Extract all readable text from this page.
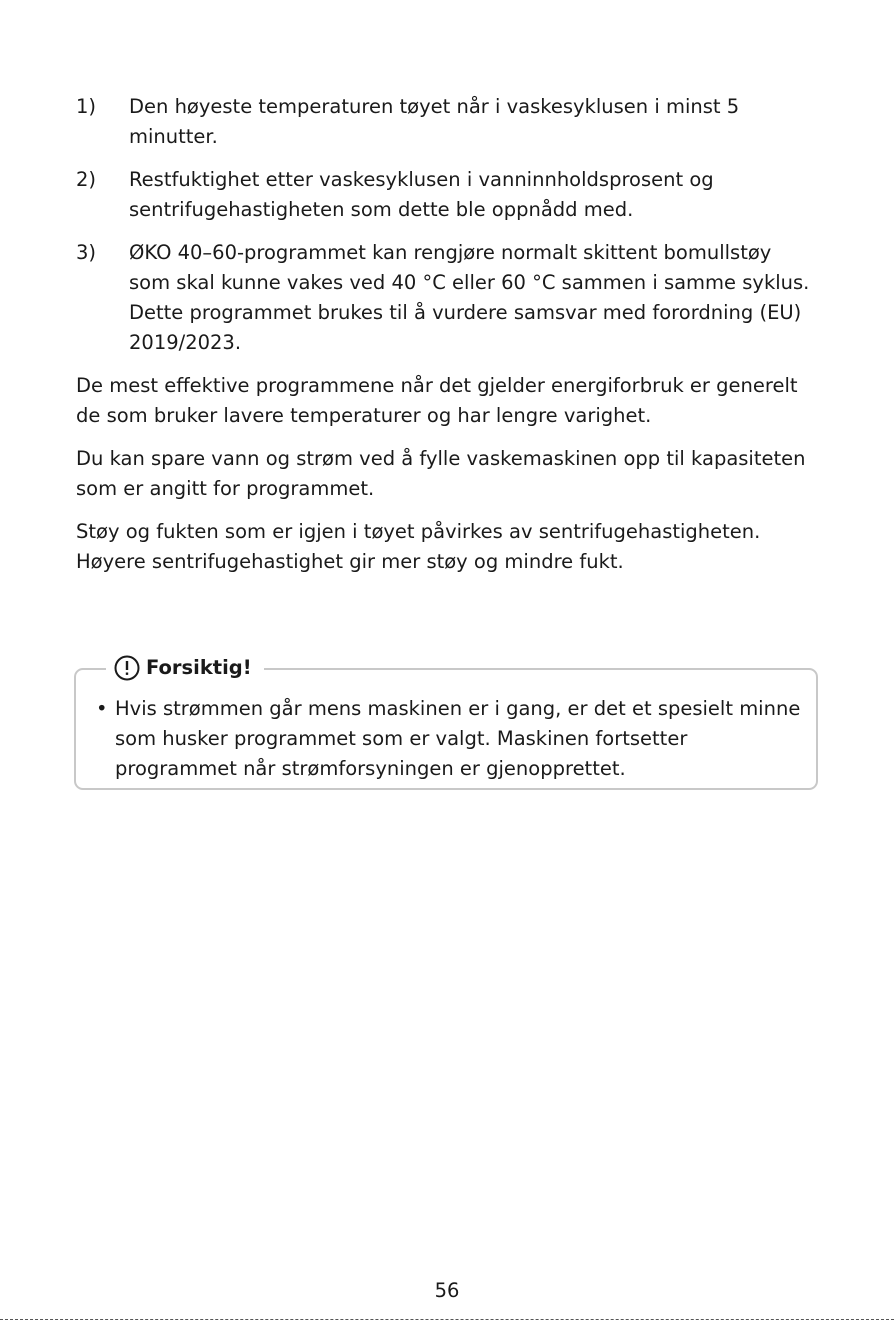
1)	Den høyeste temperaturen tøyet når i vaskesyklusen i minst 5 minutter.
2)	Restfuktighet etter vaskesyklusen i vanninnholdsprosent og sentrifugehastigheten som dette ble oppnådd med.
3)	ØKO 40–60-programmet kan rengjøre normalt skittent bomullstøy som skal kunne vakes ved 40 °C eller 60 °C sammen i samme syklus. Dette programmet brukes til å vurdere samsvar med forordning (EU) 2019/2023.

De mest effektive programmene når det gjelder energiforbruk er generelt de som bruker lavere temperaturer og har lengre varighet.

Du kan spare vann og strøm ved å fylle vaskemaskinen opp til kapasiteten som er angitt for programmet.

Støy og fukten som er igjen i tøyet påvirkes av sentrifugehastigheten. Høyere sentrifugehastighet gir mer støy og mindre fukt.

Forsiktig!
• Hvis strømmen går mens maskinen er i gang, er det et spesielt minne som husker programmet som er valgt. Maskinen fortsetter programmet når strømforsyningen er gjenopprettet.
56
